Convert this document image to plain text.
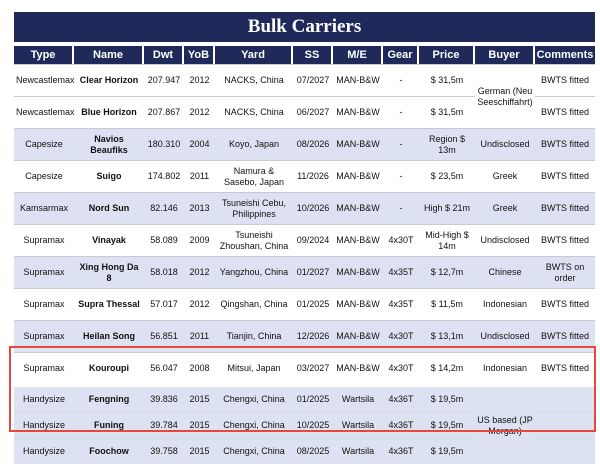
Bulk Carriers
Type	Name	Dwt	YoB	Yard	SS	M/E	Gear	Price	Buyer	Comments
Newcastlemax	Clear Horizon	207.947	2012	NACKS, China	07/2027	MAN-B&W	-	$ 31,5m	German (Neu Seeschiffahrt)	BWTS fitted
Newcastlemax	Blue Horizon	207.867	2012	NACKS, China	06/2027	MAN-B&W	-	$ 31,5m		BWTS fitted
Capesize	Navios Beaufiks	180.310	2004	Koyo, Japan	08/2026	MAN-B&W	-	Region $ 13m	Undisclosed	BWTS fitted
Capesize	Suigo	174.802	2011	Namura & Sasebo, Japan	11/2026	MAN-B&W	-	$ 23,5m	Greek	BWTS fitted
Kamsarmax	Nord Sun	82.146	2013	Tsuneishi Cebu, Philippines	10/2026	MAN-B&W	-	High $ 21m	Greek	BWTS fitted
Supramax	Vinayak	58.089	2009	Tsuneishi Zhoushan, China	09/2024	MAN-B&W	4x30T	Mid-High $ 14m	Undisclosed	BWTS fitted
Supramax	Xing Hong Da 8	58.018	2012	Yangzhou, China	01/2027	MAN-B&W	4x35T	$ 12,7m	Chinese	BWTS on order
Supramax	Supra Thessal	57.017	2012	Qingshan, China	01/2025	MAN-B&W	4x35T	$ 11,5m	Indonesian	BWTS fitted
Supramax	Heilan Song	56.851	2011	Tianjin, China	12/2026	MAN-B&W	4x30T	$ 13,1m	Undisclosed	BWTS fitted
Supramax	Kouroupi	56.047	2008	Mitsui, Japan	03/2027	MAN-B&W	4x30T	$ 14,2m	Indonesian	BWTS fitted
Handysize	Fengning	39.836	2015	Chengxi, China	01/2025	Wartsila	4x36T	$ 19,5m	US based (JP Morgan)	
Handysize	Funing	39.784	2015	Chengxi, China	10/2025	Wartsila	4x36T	$ 19,5m		
Handysize	Foochow	39.758	2015	Chengxi, China	08/2025	Wartsila	4x36T	$ 19,5m		
